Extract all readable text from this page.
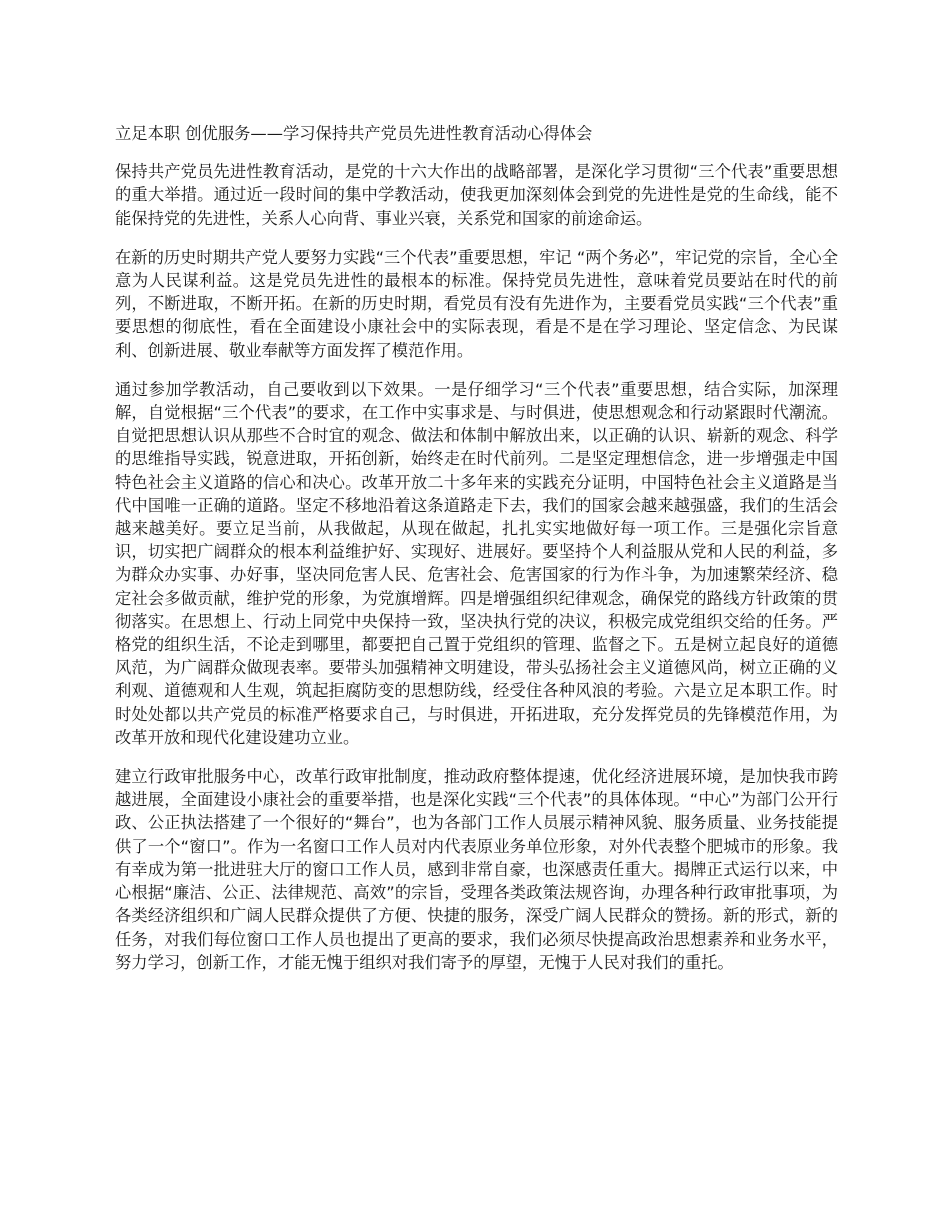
立足本职 创优服务——学习保持共产党员先进性教育活动心得体会

保持共产党员先进性教育活动，是党的十六大作出的战略部署，是深化学习贯彻“三个代表”重要思想的重大举措。通过近一段时间的集中学教活动，使我更加深刻体会到党的先进性是党的生命线，能不能保持党的先进性，关系人心向背、事业兴衰，关系党和国家的前途命运。

在新的历史时期共产党人要努力实践“三个代表”重要思想，牢记 “两个务必”，牢记党的宗旨，全心全意为人民谋利益。这是党员先进性的最根本的标准。保持党员先进性，意味着党员要站在时代的前列，不断进取，不断开拓。在新的历史时期，看党员有没有先进作为，主要看党员实践“三个代表”重要思想的彻底性，看在全面建设小康社会中的实际表现，看是不是在学习理论、坚定信念、为民谋利、创新进展、敬业奉献等方面发挥了模范作用。

通过参加学教活动，自己要收到以下效果。一是仔细学习“三个代表”重要思想，结合实际，加深理解，自觉根据“三个代表”的要求，在工作中实事求是、与时俱进，使思想观念和行动紧跟时代潮流。自觉把思想认识从那些不合时宜的观念、做法和体制中解放出来，以正确的认识、崭新的观念、科学的思维指导实践，锐意进取，开拓创新，始终走在时代前列。二是坚定理想信念，进一步增强走中国特色社会主义道路的信心和决心。改革开放二十多年来的实践充分证明，中国特色社会主义道路是当代中国唯一正确的道路。坚定不移地沿着这条道路走下去，我们的国家会越来越强盛，我们的生活会越来越美好。要立足当前，从我做起，从现在做起，扎扎实实地做好每一项工作。三是强化宗旨意识，切实把广阔群众的根本利益维护好、实现好、进展好。要坚持个人利益服从党和人民的利益，多为群众办实事、办好事，坚决同危害人民、危害社会、危害国家的行为作斗争，为加速繁荣经济、稳定社会多做贡献，维护党的形象，为党旗增辉。四是增强组织纪律观念，确保党的路线方针政策的贯彻落实。在思想上、行动上同党中央保持一致，坚决执行党的决议，积极完成党组织交给的任务。严格党的组织生活，不论走到哪里，都要把自己置于党组织的管理、监督之下。五是树立起良好的道德风范，为广阔群众做现表率。要带头加强精神文明建设，带头弘扬社会主义道德风尚，树立正确的义利观、道德观和人生观，筑起拒腐防变的思想防线，经受住各种风浪的考验。六是立足本职工作。时时处处都以共产党员的标准严格要求自己，与时俱进，开拓进取，充分发挥党员的先锋模范作用，为改革开放和现代化建设建功立业。

建立行政审批服务中心，改革行政审批制度，推动政府整体提速，优化经济进展环境，是加快我市跨越进展，全面建设小康社会的重要举措，也是深化实践“三个代表”的具体体现。“中心”为部门公开行政、公正执法搭建了一个很好的“舞台”，也为各部门工作人员展示精神风貌、服务质量、业务技能提供了一个“窗口”。作为一名窗口工作人员对内代表原业务单位形象，对外代表整个肥城市的形象。我有幸成为第一批进驻大厅的窗口工作人员，感到非常自豪，也深感责任重大。揭牌正式运行以来，中心根据“廉洁、公正、法律规范、高效”的宗旨，受理各类政策法规咨询，办理各种行政审批事项，为各类经济组织和广阔人民群众提供了方便、快捷的服务，深受广阔人民群众的赞扬。新的形式，新的任务，对我们每位窗口工作人员也提出了更高的要求，我们必须尽快提高政治思想素养和业务水平，努力学习，创新工作，才能无愧于组织对我们寄予的厚望，无愧于人民对我们的重托。
